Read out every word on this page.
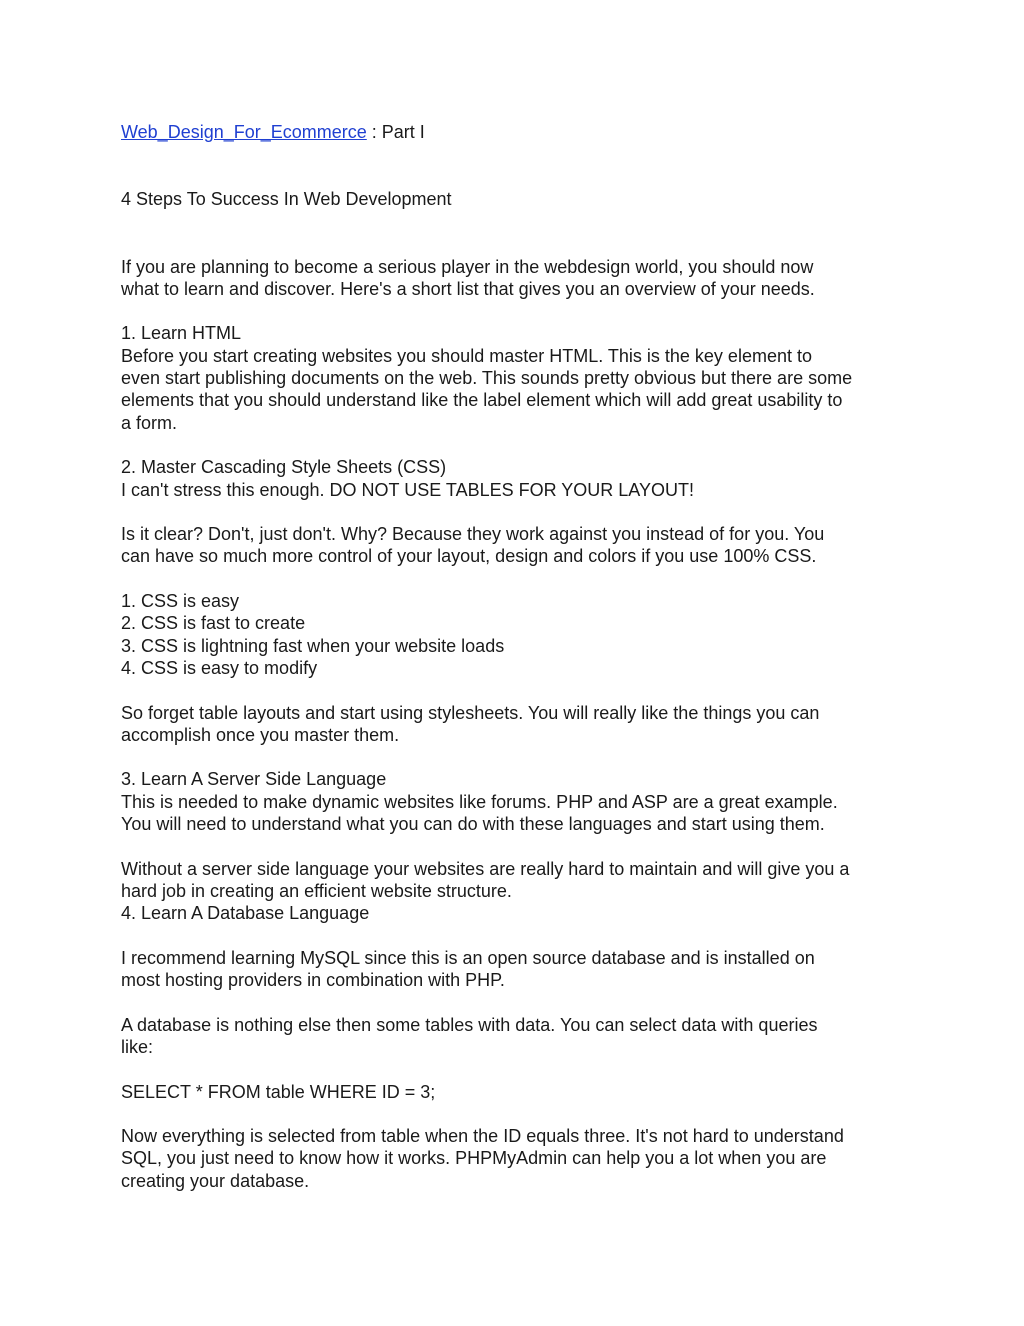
Web_Design_For_Ecommerce : Part I

4 Steps To Success In Web Development

If you are planning to become a serious player in the webdesign world, you should now
what to learn and discover. Here's a short list that gives you an overview of your needs.

1. Learn HTML
Before you start creating websites you should master HTML. This is the key element to
even start publishing documents on the web. This sounds pretty obvious but there are some
elements that you should understand like the label element which will add great usability to
a form.

2. Master Cascading Style Sheets (CSS)
I can't stress this enough. DO NOT USE TABLES FOR YOUR LAYOUT!

Is it clear? Don't, just don't. Why? Because they work against you instead of for you. You
can have so much more control of your layout, design and colors if you use 100% CSS.

1. CSS is easy
2. CSS is fast to create
3. CSS is lightning fast when your website loads
4. CSS is easy to modify

So forget table layouts and start using stylesheets. You will really like the things you can
accomplish once you master them.

3. Learn A Server Side Language
This is needed to make dynamic websites like forums. PHP and ASP are a great example.
You will need to understand what you can do with these languages and start using them.

Without a server side language your websites are really hard to maintain and will give you a
hard job in creating an efficient website structure.

4. Learn A Database Language

I recommend learning MySQL since this is an open source database and is installed on
most hosting providers in combination with PHP.

A database is nothing else then some tables with data. You can select data with queries
like:

SELECT * FROM table WHERE ID = 3;

Now everything is selected from table when the ID equals three. It's not hard to understand
SQL, you just need to know how it works. PHPMyAdmin can help you a lot when you are
creating your database.
